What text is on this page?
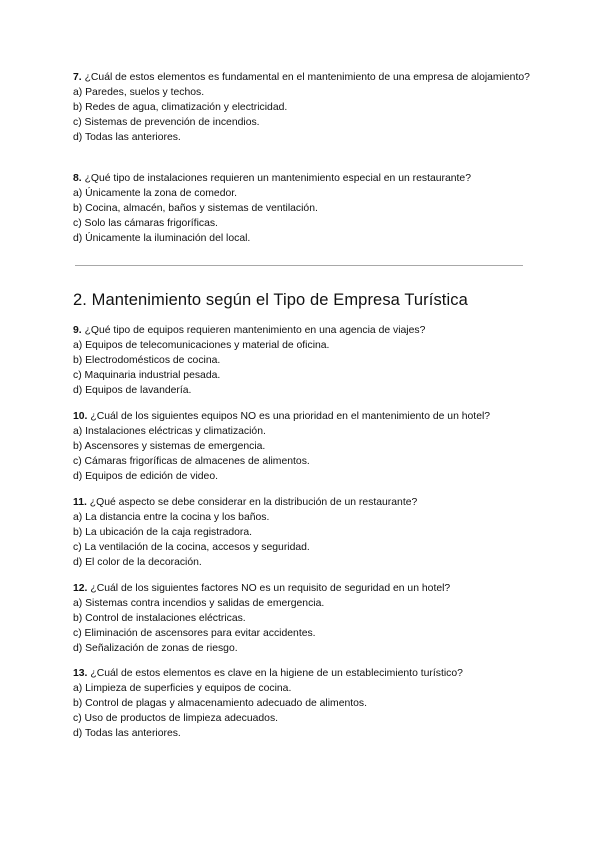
7. ¿Cuál de estos elementos es fundamental en el mantenimiento de una empresa de alojamiento?

a) Paredes, suelos y techos.

b) Redes de agua, climatización y electricidad.

c) Sistemas de prevención de incendios.

d) Todas las anteriores.

8. ¿Qué tipo de instalaciones requieren un mantenimiento especial en un restaurante?

a) Únicamente la zona de comedor.

b) Cocina, almacén, baños y sistemas de ventilación.

c) Solo las cámaras frigoríficas.

d) Únicamente la iluminación del local.

2. Mantenimiento según el Tipo de Empresa Turística

9. ¿Qué tipo de equipos requieren mantenimiento en una agencia de viajes?

a) Equipos de telecomunicaciones y material de oficina.

b) Electrodomésticos de cocina.

c) Maquinaria industrial pesada.

d) Equipos de lavandería.

10. ¿Cuál de los siguientes equipos NO es una prioridad en el mantenimiento de un hotel?

a) Instalaciones eléctricas y climatización.

b) Ascensores y sistemas de emergencia.

c) Cámaras frigoríficas de almacenes de alimentos.

d) Equipos de edición de video.

11. ¿Qué aspecto se debe considerar en la distribución de un restaurante?

a) La distancia entre la cocina y los baños.

b) La ubicación de la caja registradora.

c) La ventilación de la cocina, accesos y seguridad.

d) El color de la decoración.

12. ¿Cuál de los siguientes factores NO es un requisito de seguridad en un hotel?

a) Sistemas contra incendios y salidas de emergencia.

b) Control de instalaciones eléctricas.

c) Eliminación de ascensores para evitar accidentes.

d) Señalización de zonas de riesgo.

13. ¿Cuál de estos elementos es clave en la higiene de un establecimiento turístico?

a) Limpieza de superficies y equipos de cocina.

b) Control de plagas y almacenamiento adecuado de alimentos.

c) Uso de productos de limpieza adecuados.

d) Todas las anteriores.
